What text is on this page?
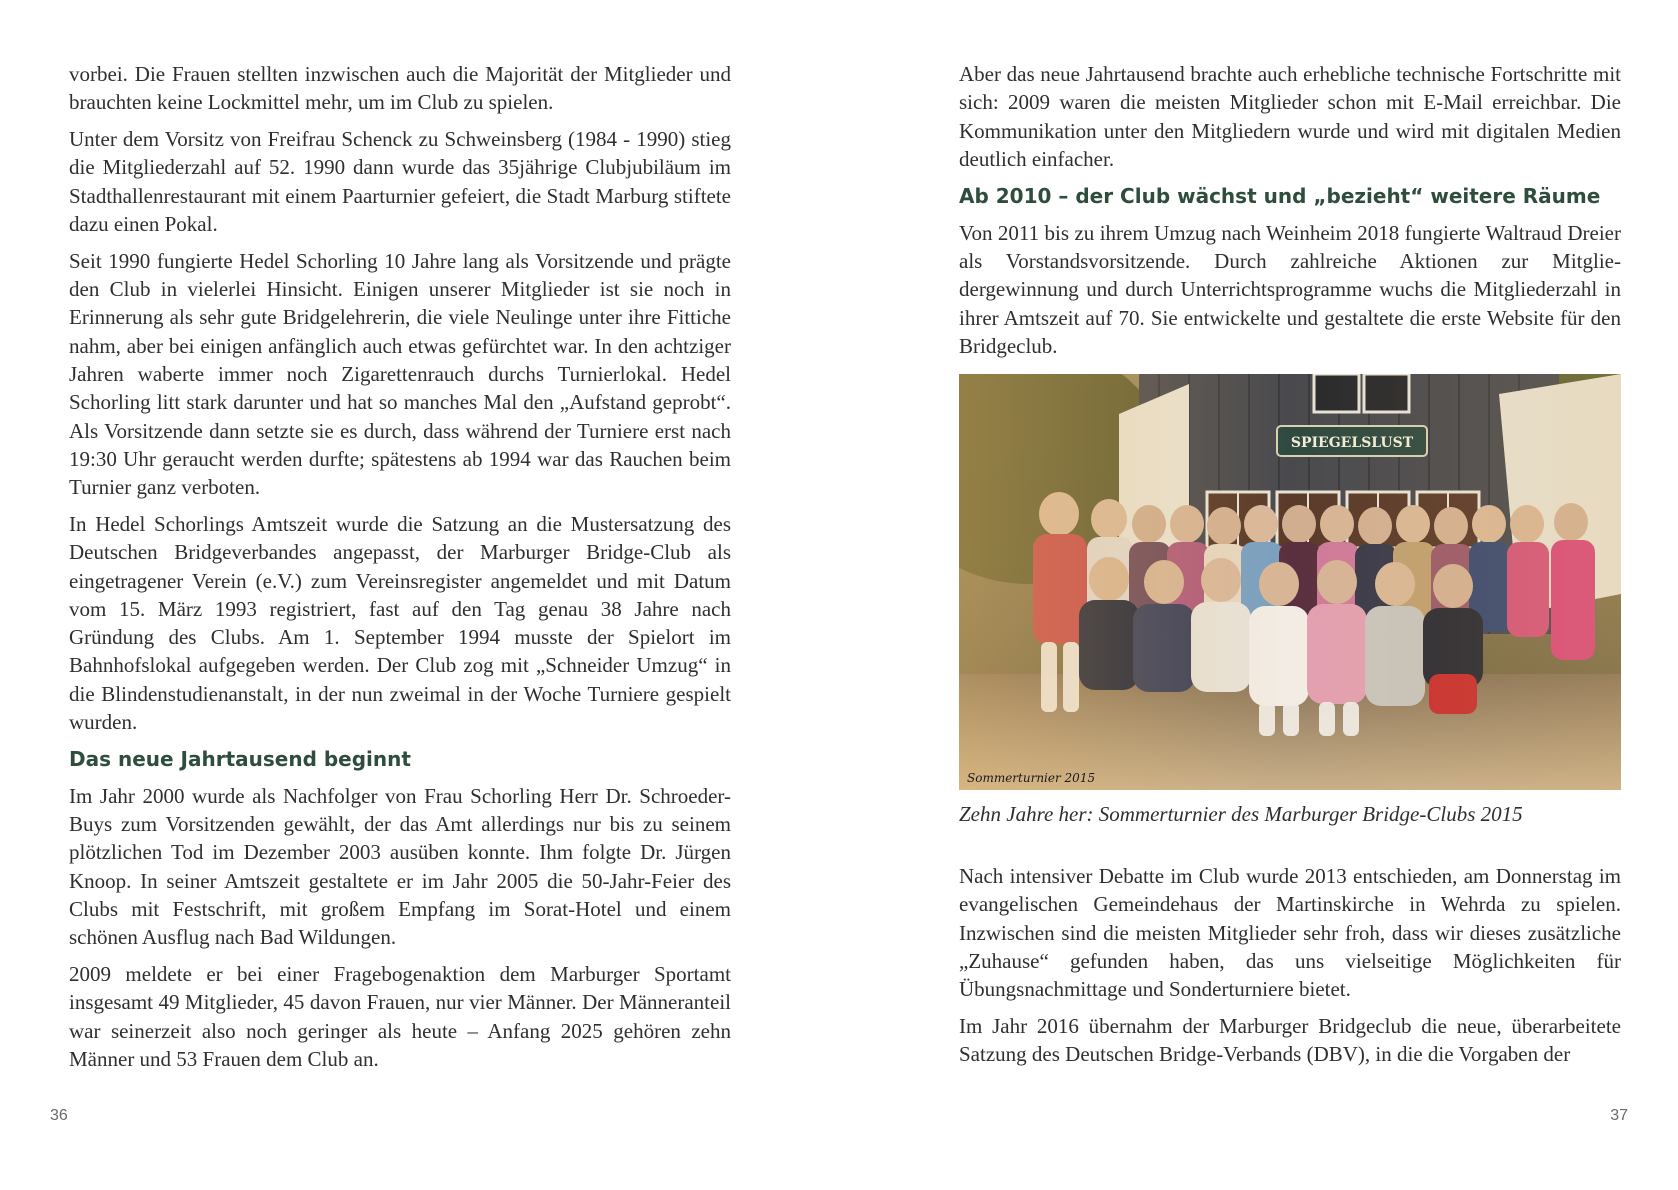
vorbei. Die Frauen stellten inzwischen auch die Majorität der Mitglieder und brauchten keine Lockmittel mehr, um im Club zu spielen.

Unter dem Vorsitz von Freifrau Schenck zu Schweinsberg (1984 - 1990) stieg die Mitgliederzahl auf 52. 1990 dann wurde das 35jährige Clubjubiläum im Stadthallenrestaurant mit einem Paarturnier gefeiert, die Stadt Marburg stiftete dazu einen Pokal.

Seit 1990 fungierte Hedel Schorling 10 Jahre lang als Vorsitzende und prägte den Club in vielerlei Hinsicht. Einigen unserer Mitglieder ist sie noch in Erinnerung als sehr gute Bridgelehrerin, die viele Neulinge unter ihre Fittiche nahm, aber bei einigen anfänglich auch etwas gefürchtet war. In den achtziger Jahren waberte immer noch Zigarettenrauch durchs Turnierlokal. Hedel Schorling litt stark darunter und hat so manches Mal den „Aufstand geprobt“. Als Vorsitzende dann setzte sie es durch, dass während der Turniere erst nach 19:30 Uhr geraucht werden durfte; spätestens ab 1994 war das Rauchen beim Turnier ganz verboten.

In Hedel Schorlings Amtszeit wurde die Satzung an die Mustersatzung des Deutschen Bridgeverbandes angepasst, der Marburger Bridge-Club als eingetragener Verein (e.V.) zum Vereinsregister angemeldet und mit Datum vom 15. März 1993 registriert, fast auf den Tag genau 38 Jahre nach Gründung des Clubs. Am 1. September 1994 musste der Spielort im Bahnhofslokal aufgegeben werden. Der Club zog mit „Schneider Umzug“ in die Blindenstudienanstalt, in der nun zweimal in der Woche Turniere gespielt wurden.

Das neue Jahrtausend beginnt

Im Jahr 2000 wurde als Nachfolger von Frau Schorling Herr Dr. Schroeder-Buys zum Vorsitzenden gewählt, der das Amt allerdings nur bis zu seinem plötzlichen Tod im Dezember 2003 ausüben konnte. Ihm folgte Dr. Jürgen Knoop. In seiner Amtszeit gestaltete er im Jahr 2005 die 50-Jahr-Feier des Clubs mit Festschrift, mit großem Empfang im Sorat-Hotel und einem schönen Ausflug nach Bad Wildungen.

2009 meldete er bei einer Fragebogenaktion dem Marburger Sportamt insgesamt 49 Mitglieder, 45 davon Frauen, nur vier Männer. Der Männeranteil war seinerzeit also noch geringer als heute – Anfang 2025 gehören zehn Männer und 53 Frauen dem Club an.

36

Aber das neue Jahrtausend brachte auch erhebliche technische Fortschritte mit sich: 2009 waren die meisten Mitglieder schon mit E-Mail erreichbar. Die Kommunikation unter den Mitgliedern wurde und wird mit digitalen Medien deutlich einfacher.

Ab 2010 – der Club wächst und „bezieht“ weitere Räume

Von 2011 bis zu ihrem Umzug nach Weinheim 2018 fungierte Waltraud Dreier als Vorstandsvorsitzende. Durch zahlreiche Aktionen zur Mitgliedergewinnung und durch Unterrichtsprogramme wuchs die Mitgliederzahl in ihrer Amtszeit auf 70. Sie entwickelte und gestaltete die erste Website für den Bridgeclub.

Sommerturnier 2015
Zehn Jahre her: Sommerturnier des Marburger Bridge-Clubs 2015

Nach intensiver Debatte im Club wurde 2013 entschieden, am Donnerstag im evangelischen Gemeindehaus der Martinskirche in Wehrda zu spielen. Inzwischen sind die meisten Mitglieder sehr froh, dass wir dieses zusätzliche „Zuhause“ gefunden haben, das uns vielseitige Möglichkeiten für Übungsnachmittage und Sonderturniere bietet.

Im Jahr 2016 übernahm der Marburger Bridgeclub die neue, überarbeitete Satzung des Deutschen Bridge-Verbands (DBV), in die die Vorgaben der

37
